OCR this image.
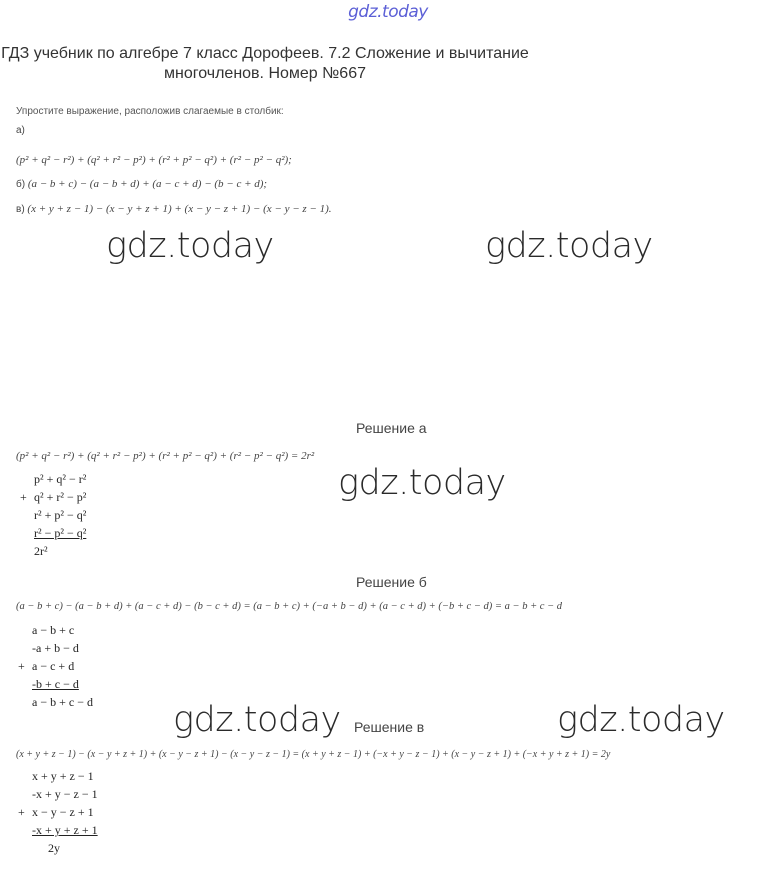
gdz.today
ГДЗ учебник по алгебре 7 класс Дорофеев. 7.2 Сложение и вычитание многочленов. Номер №667
Упростите выражение, расположив слагаемые в столбик:
а)
(p² + q² − r²) + (q² + r² − p²) + (r² + p² − q²) + (r² − p² − q²);
б) (a − b + c) − (a − b + d) + (a − c + d) − (b − c + d);
в) (x + y + z − 1) − (x − y + z + 1) + (x − y − z + 1) − (x − y − z − 1).
gdz.today	gdz.today
Решение а
(p² + q² − r²) + (q² + r² − p²) + (r² + p² − q²) + (r² − p² − q²) = 2r²
p² + q² − r²
+ q² + r² − p²
r² + p² − q²
r² − p² − q²
2r²
gdz.today
Решение б
(a − b + c) − (a − b + d) + (a − c + d) − (b − c + d) = (a − b + c) + (−a + b − d) + (a − c + d) + (−b + c − d) = a − b + c − d
a − b + c
-a + b − d
+ a − c + d
-b + c − d
a − b + c − d gdz.today	gdz.today
Решение в
(x + y + z − 1) − (x − y + z + 1) + (x − y − z + 1) − (x − y − z − 1) = (x + y + z − 1) + (−x + y − z − 1) + (x − y − z + 1) + (−x + y + z + 1) = 2y
x + y + z − 1
-x + y − z − 1
+ x − y − z + 1
-x + y + z + 1
2y
